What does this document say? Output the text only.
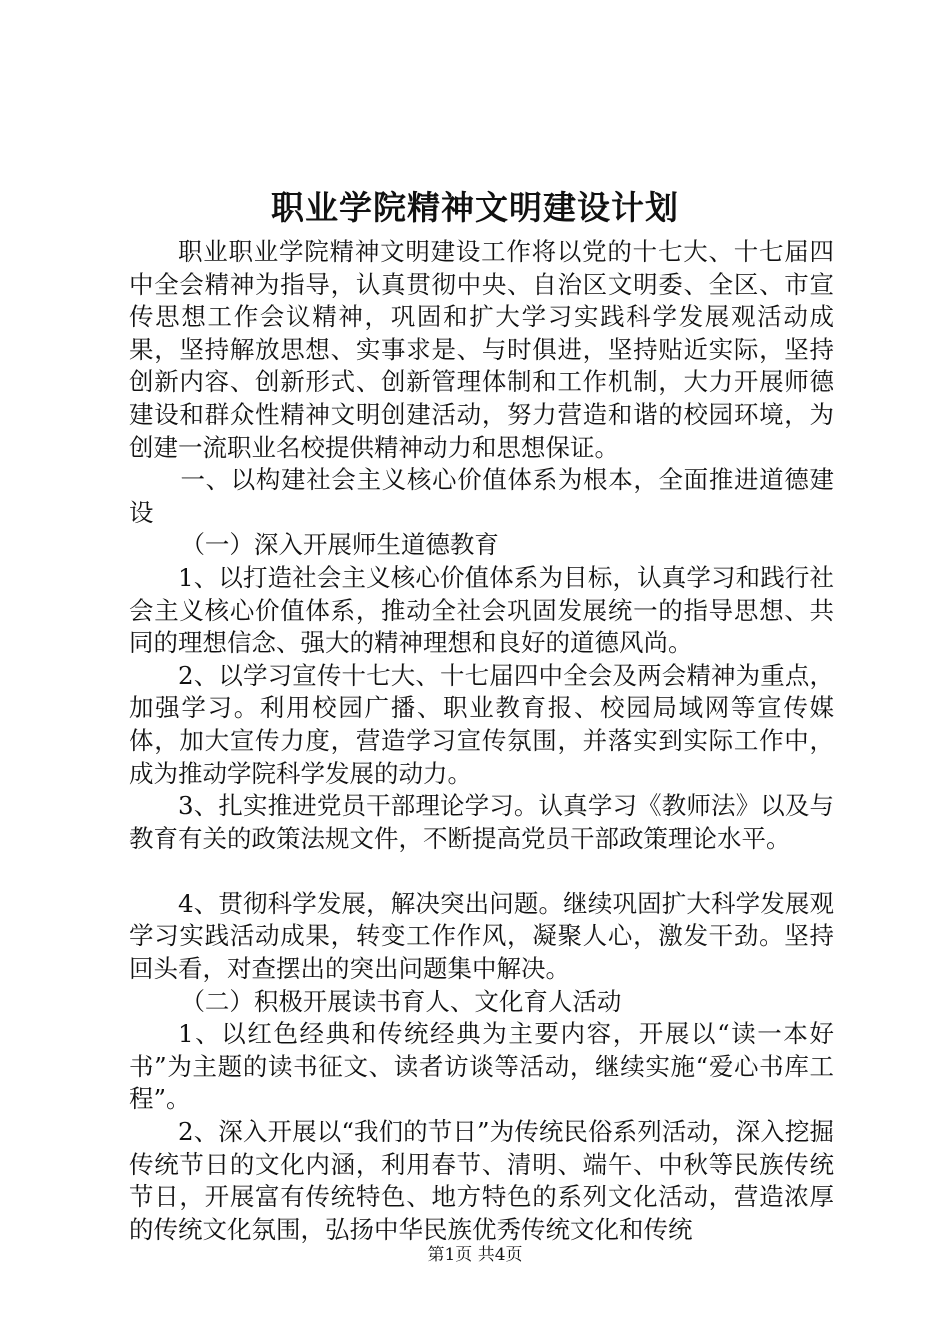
职业学院精神文明建设计划

职业职业学院精神文明建设工作将以党的十七大、十七届四中全会精神为指导，认真贯彻中央、自治区文明委、全区、市宣传思想工作会议精神，巩固和扩大学习实践科学发展观活动成果，坚持解放思想、实事求是、与时俱进，坚持贴近实际，坚持创新内容、创新形式、创新管理体制和工作机制，大力开展师德建设和群众性精神文明创建活动，努力营造和谐的校园环境，为创建一流职业名校提供精神动力和思想保证。

一、以构建社会主义核心价值体系为根本，全面推进道德建设

（一）深入开展师生道德教育

1、以打造社会主义核心价值体系为目标，认真学习和践行社会主义核心价值体系，推动全社会巩固发展统一的指导思想、共同的理想信念、强大的精神理想和良好的道德风尚。

2、以学习宣传十七大、十七届四中全会及两会精神为重点，加强学习。利用校园广播、职业教育报、校园局域网等宣传媒体，加大宣传力度，营造学习宣传氛围，并落实到实际工作中，成为推动学院科学发展的动力。

3、扎实推进党员干部理论学习。认真学习《教师法》以及与教育有关的政策法规文件，不断提高党员干部政策理论水平。

4、贯彻科学发展，解决突出问题。继续巩固扩大科学发展观学习实践活动成果，转变工作作风，凝聚人心，激发干劲。坚持回头看，对查摆出的突出问题集中解决。

（二）积极开展读书育人、文化育人活动

1、以红色经典和传统经典为主要内容，开展以“读一本好书”为主题的读书征文、读者访谈等活动，继续实施“爱心书库工程”。

2、深入开展以“我们的节日”为传统民俗系列活动，深入挖掘传统节日的文化内涵，利用春节、清明、端午、中秋等民族传统节日，开展富有传统特色、地方特色的系列文化活动，营造浓厚的传统文化氛围，弘扬中华民族优秀传统文化和传统

第1页 共4页
